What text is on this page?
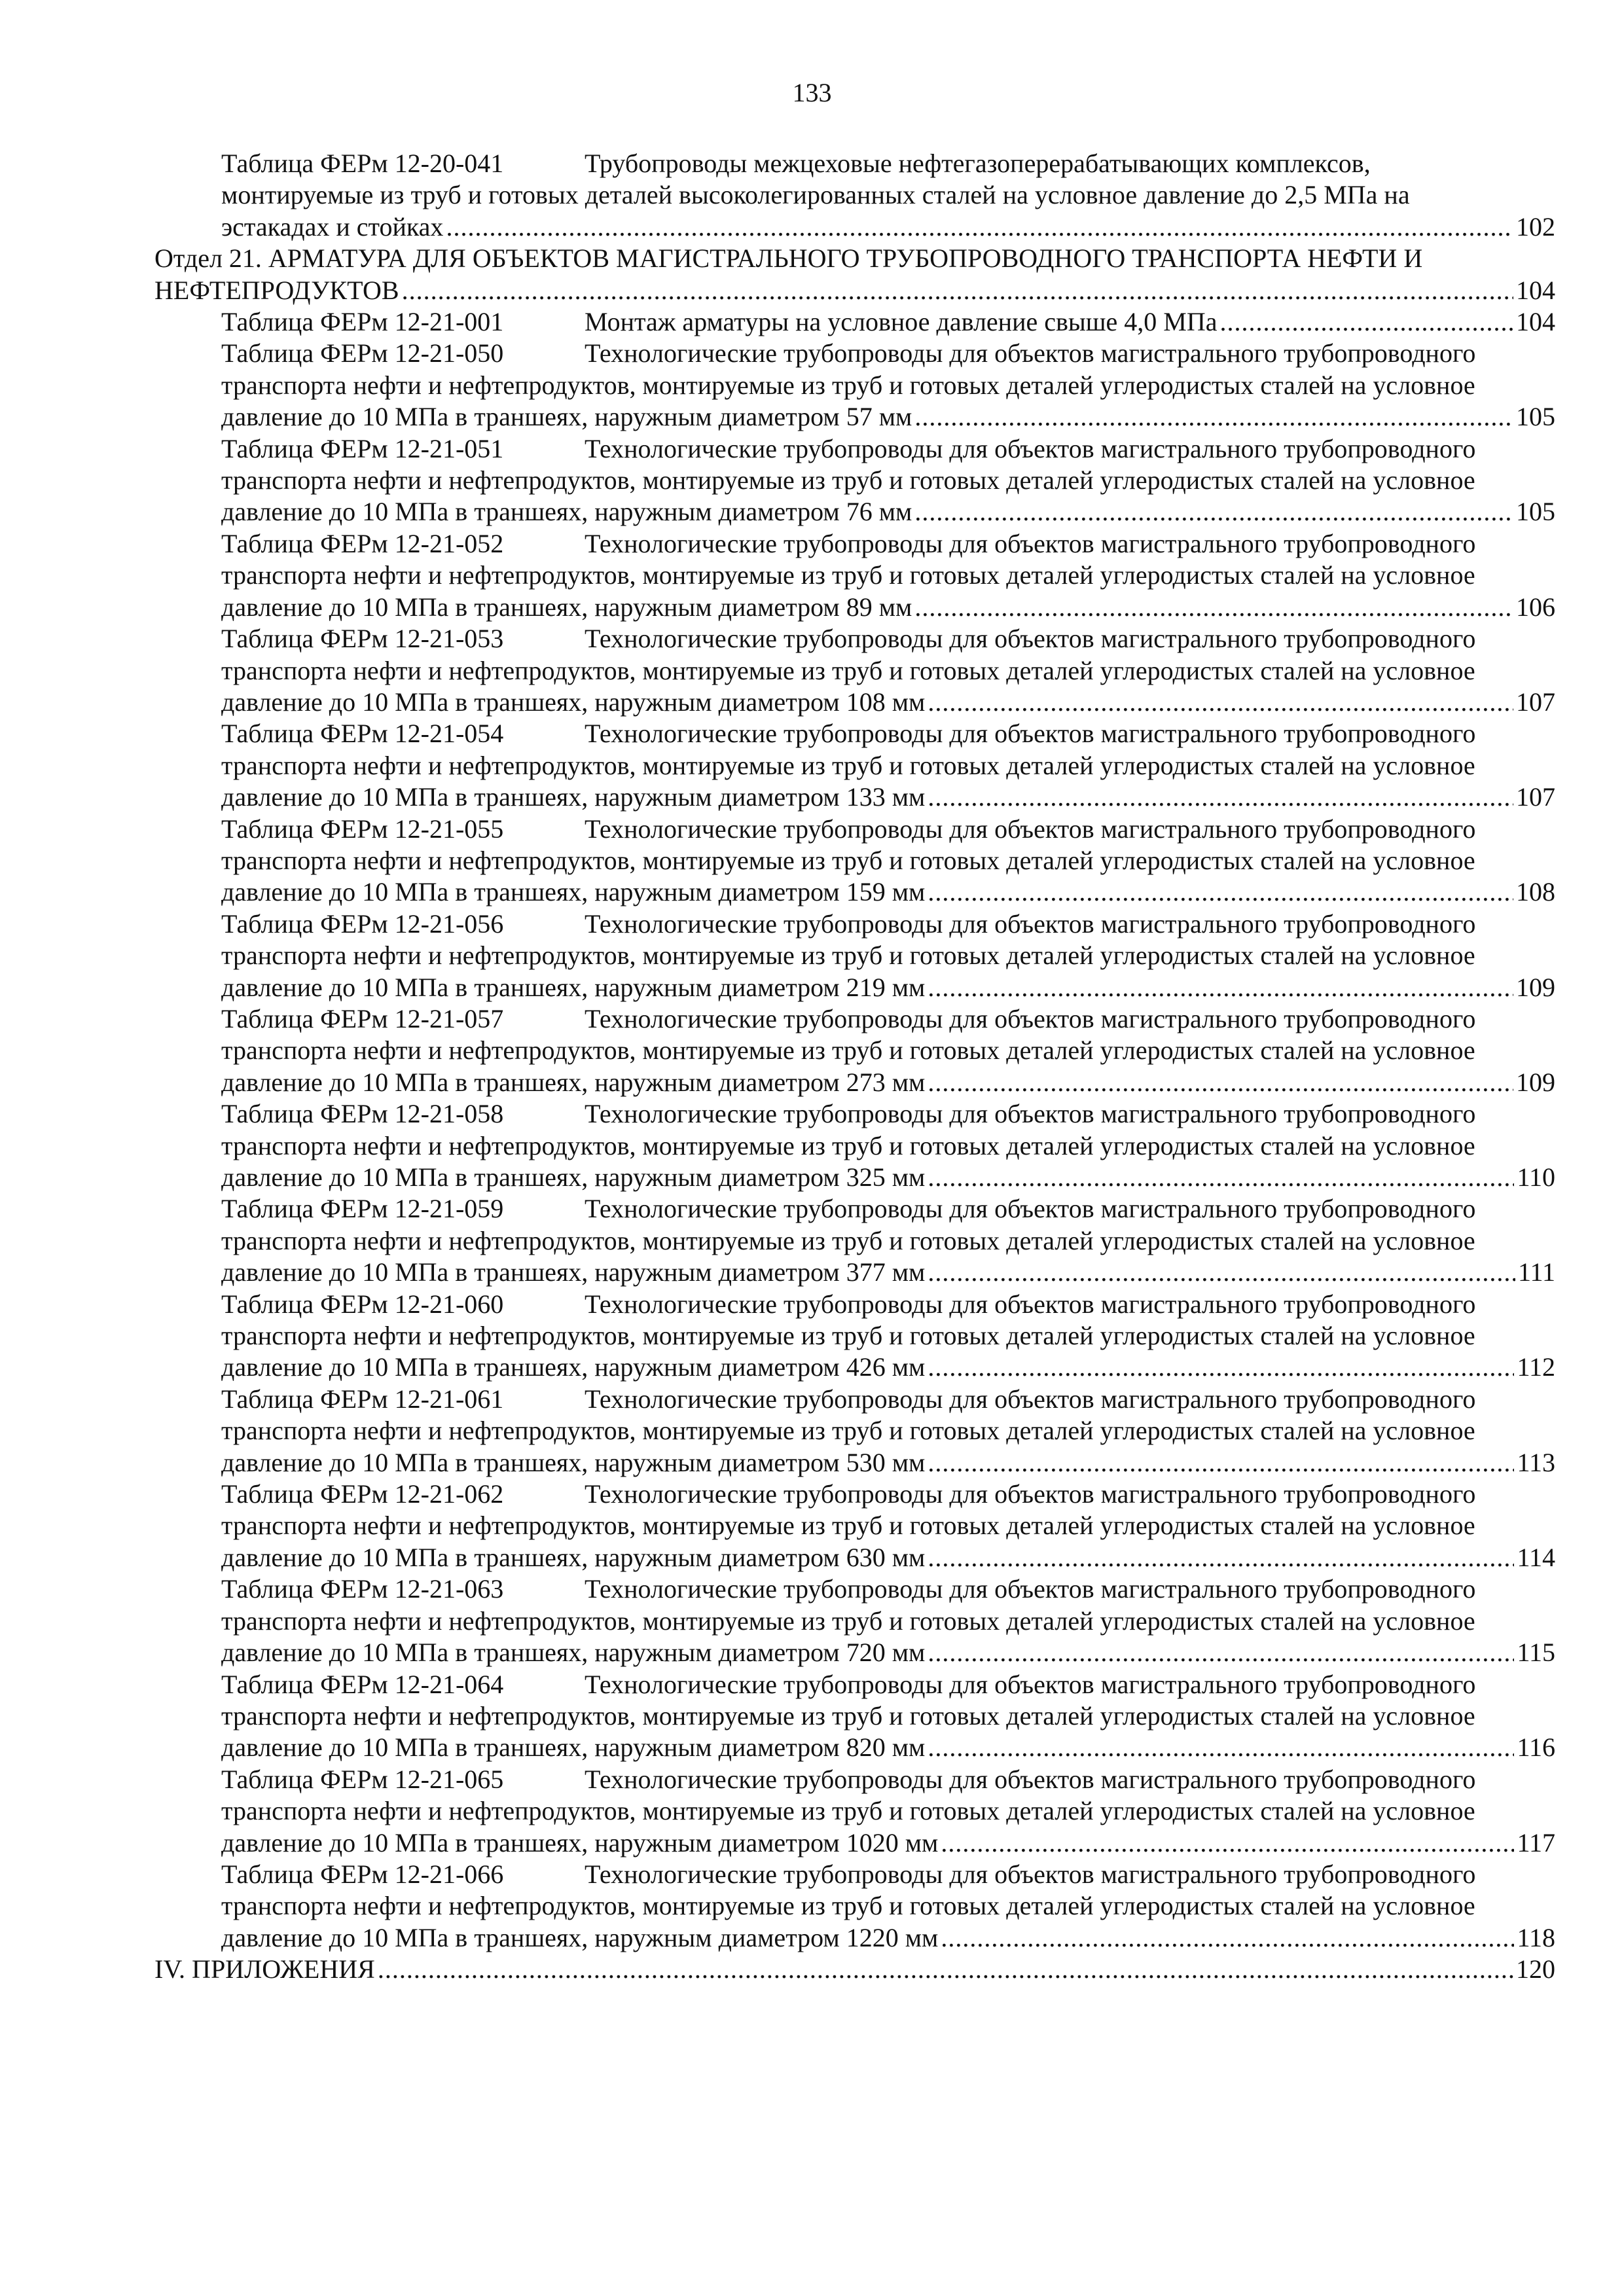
133
Таблица ФЕРм 12-20-041	Трубопроводы межцеховые нефтегазоперерабатывающих комплексов,
монтируемые из труб и готовых деталей высоколегированных сталей на условное давление до 2,5 МПа на
эстакадах и стойках .....	102
Отдел 21. АРМАТУРА ДЛЯ ОБЪЕКТОВ МАГИСТРАЛЬНОГО ТРУБОПРОВОДНОГО ТРАНСПОРТА НЕФТИ И
НЕФТЕПРОДУКТОВ .....	104
Таблица ФЕРм 12-21-001	Монтаж арматуры на условное давление свыше 4,0 МПа .....	104
Таблица ФЕРм 12-21-050	Технологические трубопроводы для объектов магистрального трубопроводного
транспорта нефти и нефтепродуктов, монтируемые из труб и готовых деталей углеродистых сталей на условное
давление до 10 МПа в траншеях, наружным диаметром 57 мм .....	105
Таблица ФЕРм 12-21-051	Технологические трубопроводы для объектов магистрального трубопроводного
транспорта нефти и нефтепродуктов, монтируемые из труб и готовых деталей углеродистых сталей на условное
давление до 10 МПа в траншеях, наружным диаметром 76 мм .....	105
Таблица ФЕРм 12-21-052	Технологические трубопроводы для объектов магистрального трубопроводного
транспорта нефти и нефтепродуктов, монтируемые из труб и готовых деталей углеродистых сталей на условное
давление до 10 МПа в траншеях, наружным диаметром 89 мм .....	106
Таблица ФЕРм 12-21-053	Технологические трубопроводы для объектов магистрального трубопроводного
транспорта нефти и нефтепродуктов, монтируемые из труб и готовых деталей углеродистых сталей на условное
давление до 10 МПа в траншеях, наружным диаметром 108 мм .....	107
Таблица ФЕРм 12-21-054	Технологические трубопроводы для объектов магистрального трубопроводного
транспорта нефти и нефтепродуктов, монтируемые из труб и готовых деталей углеродистых сталей на условное
давление до 10 МПа в траншеях, наружным диаметром 133 мм .....	107
Таблица ФЕРм 12-21-055	Технологические трубопроводы для объектов магистрального трубопроводного
транспорта нефти и нефтепродуктов, монтируемые из труб и готовых деталей углеродистых сталей на условное
давление до 10 МПа в траншеях, наружным диаметром 159 мм .....	108
Таблица ФЕРм 12-21-056	Технологические трубопроводы для объектов магистрального трубопроводного
транспорта нефти и нефтепродуктов, монтируемые из труб и готовых деталей углеродистых сталей на условное
давление до 10 МПа в траншеях, наружным диаметром 219 мм .....	109
Таблица ФЕРм 12-21-057	Технологические трубопроводы для объектов магистрального трубопроводного
транспорта нефти и нефтепродуктов, монтируемые из труб и готовых деталей углеродистых сталей на условное
давление до 10 МПа в траншеях, наружным диаметром 273 мм .....	109
Таблица ФЕРм 12-21-058	Технологические трубопроводы для объектов магистрального трубопроводного
транспорта нефти и нефтепродуктов, монтируемые из труб и готовых деталей углеродистых сталей на условное
давление до 10 МПа в траншеях, наружным диаметром 325 мм .....	110
Таблица ФЕРм 12-21-059	Технологические трубопроводы для объектов магистрального трубопроводного
транспорта нефти и нефтепродуктов, монтируемые из труб и готовых деталей углеродистых сталей на условное
давление до 10 МПа в траншеях, наружным диаметром 377 мм .....	111
Таблица ФЕРм 12-21-060	Технологические трубопроводы для объектов магистрального трубопроводного
транспорта нефти и нефтепродуктов, монтируемые из труб и готовых деталей углеродистых сталей на условное
давление до 10 МПа в траншеях, наружным диаметром 426 мм .....	112
Таблица ФЕРм 12-21-061	Технологические трубопроводы для объектов магистрального трубопроводного
транспорта нефти и нефтепродуктов, монтируемые из труб и готовых деталей углеродистых сталей на условное
давление до 10 МПа в траншеях, наружным диаметром 530 мм .....	113
Таблица ФЕРм 12-21-062	Технологические трубопроводы для объектов магистрального трубопроводного
транспорта нефти и нефтепродуктов, монтируемые из труб и готовых деталей углеродистых сталей на условное
давление до 10 МПа в траншеях, наружным диаметром 630 мм .....	114
Таблица ФЕРм 12-21-063	Технологические трубопроводы для объектов магистрального трубопроводного
транспорта нефти и нефтепродуктов, монтируемые из труб и готовых деталей углеродистых сталей на условное
давление до 10 МПа в траншеях, наружным диаметром 720 мм .....	115
Таблица ФЕРм 12-21-064	Технологические трубопроводы для объектов магистрального трубопроводного
транспорта нефти и нефтепродуктов, монтируемые из труб и готовых деталей углеродистых сталей на условное
давление до 10 МПа в траншеях, наружным диаметром 820 мм .....	116
Таблица ФЕРм 12-21-065	Технологические трубопроводы для объектов магистрального трубопроводного
транспорта нефти и нефтепродуктов, монтируемые из труб и готовых деталей углеродистых сталей на условное
давление до 10 МПа в траншеях, наружным диаметром 1020 мм .....	117
Таблица ФЕРм 12-21-066	Технологические трубопроводы для объектов магистрального трубопроводного
транспорта нефти и нефтепродуктов, монтируемые из труб и готовых деталей углеродистых сталей на условное
давление до 10 МПа в траншеях, наружным диаметром 1220 мм .....	118
IV. ПРИЛОЖЕНИЯ .....	120
